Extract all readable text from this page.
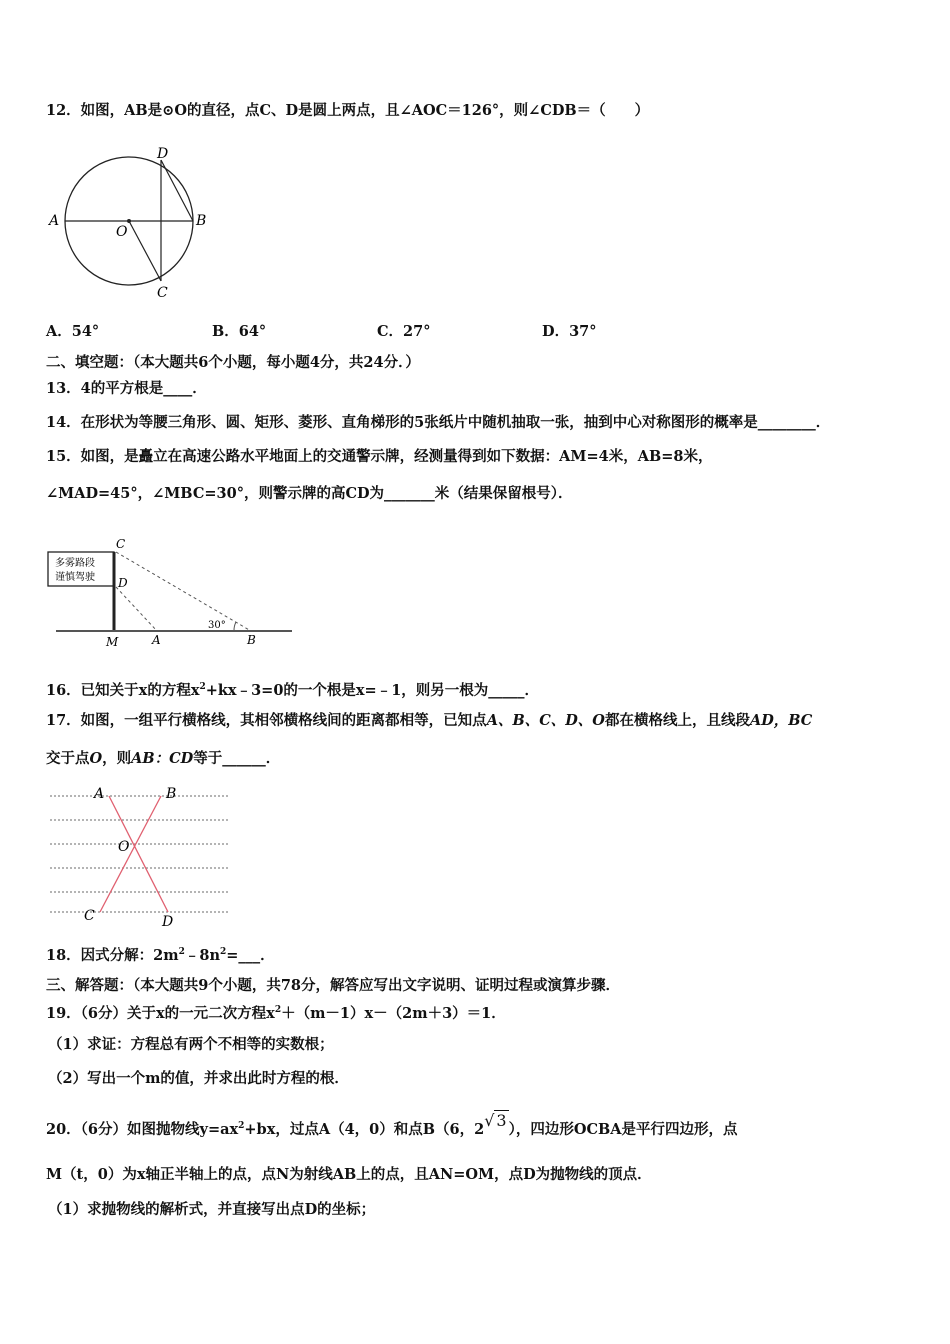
12．如图，AB是⊙O的直径，点C、D是圆上两点，且∠AOC＝126°，则∠CDB＝（　　）
A	B
C
D
O
A．54°	B．64°	C．27°	D．37°
二、填空题：（本大题共6个小题，每小题4分，共24分．）
13．4的平方根是____．
14．在形状为等腰三角形、圆、矩形、菱形、直角梯形的5张纸片中随机抽取一张，抽到中心对称图形的概率是________．
15．如图，是矗立在高速公路水平地面上的交通警示牌，经测量得到如下数据：AM=4米，AB=8米，
∠MAD=45°，∠MBC=30°，则警示牌的高CD为_______米（结果保留根号）．
多雾路段
谨慎驾驶
C
D
M	A	B
30°
16．已知关于x的方程$x^2+kx﹣3=0$的一个根是x=﹣1，则另一根为_____．
17．如图，一组平行横格线，其相邻横格线间的距离都相等，已知点A、B、C、D、O都在横格线上，且线段AD，BC
交于点O，则AB：CD等于______．
A	B
O
C	D
18．因式分解：$2m^2﹣8n^2=\_\_\_$．
三、解答题：（本大题共9个小题，共78分，解答应写出文字说明、证明过程或演算步骤．
19．（6分）关于x的一元二次方程$x^2+(m-1)x-(2m+3)=1$．
（1）求证：方程总有两个不相等的实数根；
（2）写出一个m的值，并求出此时方程的根．
20．（6分）如图抛物线$y=ax^2+bx$，过点A（4，0）和点B（6，2√ 3 ），四边形OCBA是平行四边形，点
M（t，0）为x轴正半轴上的点，点N为射线AB上的点，且AN=OM，点D为抛物线的顶点．
（1）求抛物线的解析式，并直接写出点D的坐标；
